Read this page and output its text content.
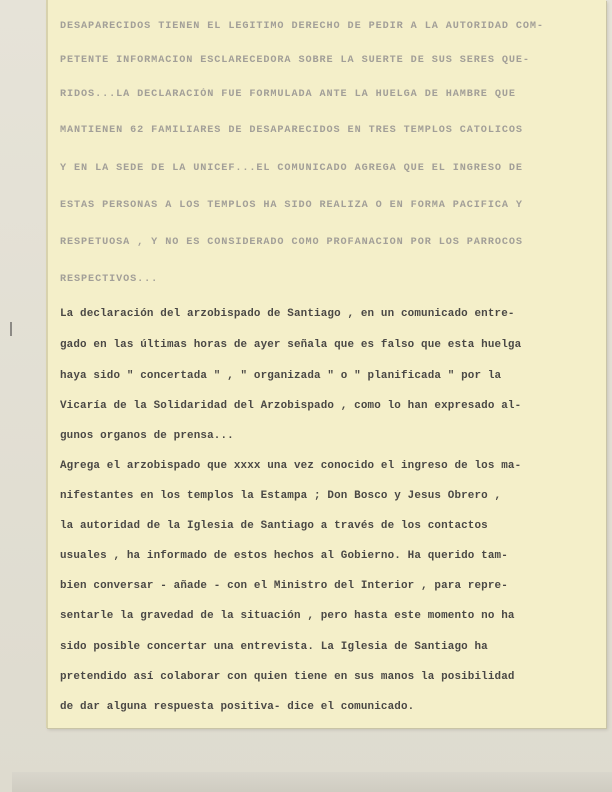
DESAPARECIDOS TIENEN EL LEGITIMO DERECHO DE PEDIR A LA AUTORIDAD COM-
PETENTE INFORMACION ESCLARECEDORA SOBRE LA SUERTE DE SUS SERES QUE-
RIDOS...LA DECLARACIÓN FUE FORMULADA ANTE LA HUELGA DE HAMBRE QUE
MANTIENEN 62 FAMILIARES DE DESAPARECIDOS EN TRES TEMPLOS CATOLICOS
Y EN LA SEDE DE LA UNICEF...EL COMUNICADO AGREGA QUE EL INGRESO DE
ESTAS PERSONAS A LOS TEMPLOS HA SIDO REALIZA O EN FORMA PACIFICA Y
RESPETUOSA , Y NO ES CONSIDERADO COMO PROFANACION POR LOS PARROCOS
RESPECTIVOS...
La declaración del arzobispado de Santiago , en un comunicado entre-
gado en las últimas horas de ayer señala que es falso que esta huelga
haya sido " concertada " , " organizada " o " planificada " por la
Vicaría de la Solidaridad del Arzobispado , como lo han expresado al-
gunos organos de prensa...
Agrega el arzobispado que xxxx una vez conocido el ingreso de los ma-
nifestantes en los templos la Estampa ; Don Bosco y Jesus Obrero ,
la autoridad de la Iglesia de Santiago a través de los contactos
usuales , ha informado de estos hechos al Gobierno. Ha querido tam-
bien conversar - añade - con el Ministro del Interior , para repre-
sentarle la gravedad de la situación , pero hasta este momento no ha
sido posible concertar una entrevista. La Iglesia de Santiago ha
pretendido así colaborar con quien tiene en sus manos la posibilidad
de dar alguna respuesta positiva- dice el comunicado.
